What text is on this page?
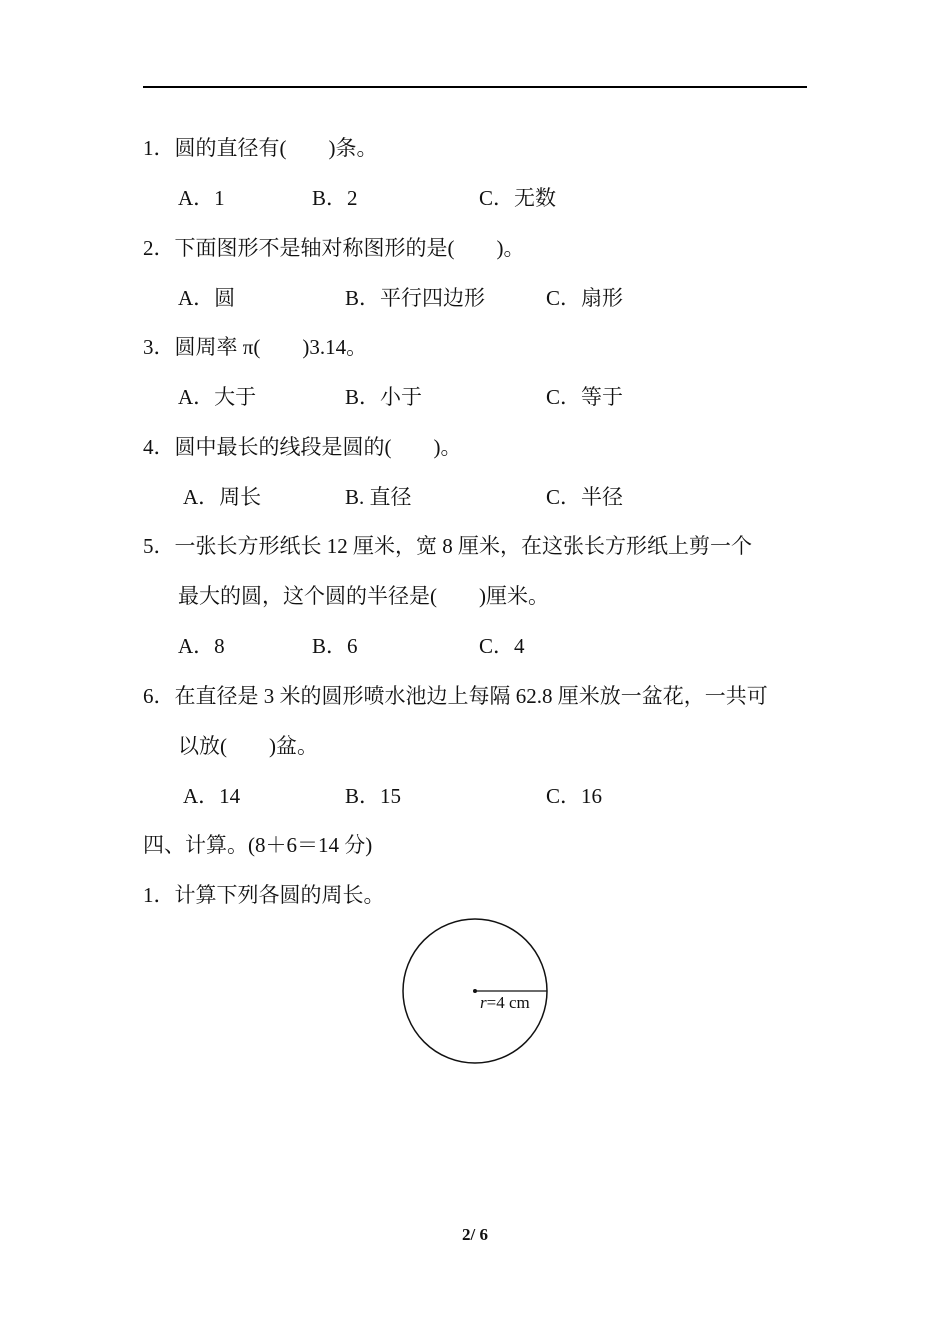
1．圆的直径有(　　)条。
A．1	B．2	C．无数
2．下面图形不是轴对称图形的是(　　)。
A．圆	B．平行四边形	C．扇形
3．圆周率 π(　　)3.14。
A．大于	B．小于	C．等于
4．圆中最长的线段是圆的(　　)。
A．周长	B. 直径	C．半径
5．一张长方形纸长 12 厘米，宽 8 厘米，在这张长方形纸上剪一个
最大的圆，这个圆的半径是(　　)厘米。
A．8	B．6	C．4
6．在直径是 3 米的圆形喷水池边上每隔 62.8 厘米放一盆花，一共可
以放(　　)盆。
A．14	B．15	C．16
四、计算。(8＋6＝14 分)
1．计算下列各圆的周长。
r=4 cm
2/ 6
